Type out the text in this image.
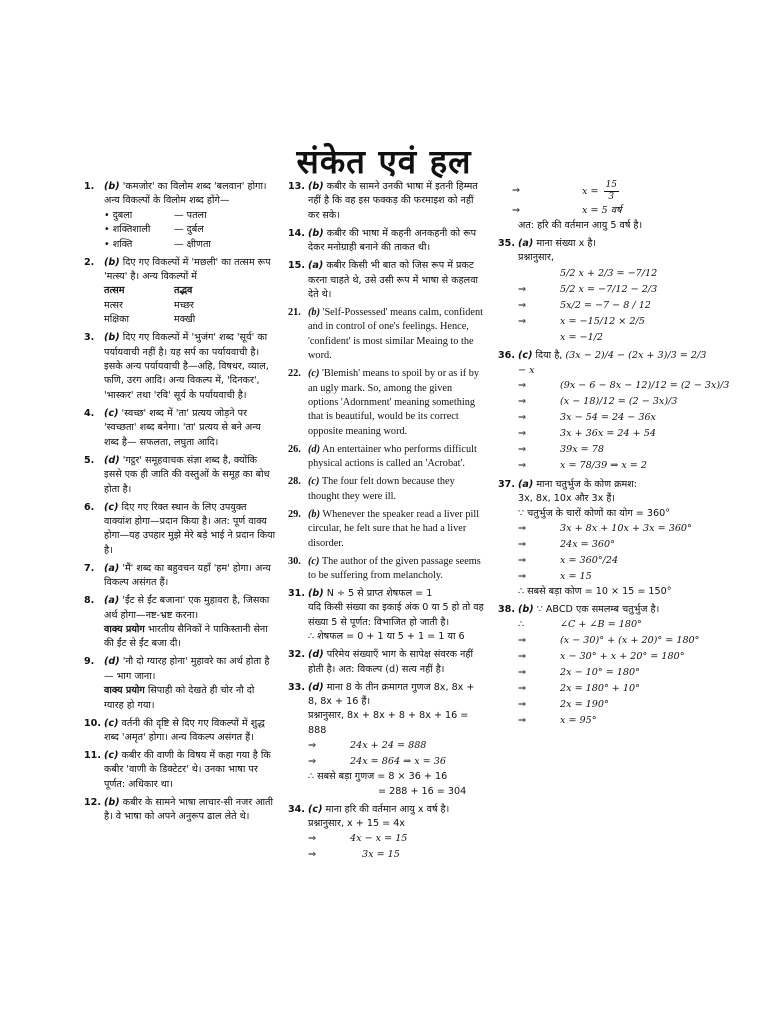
संकेत एवं हल
1. (b) 'कमजोर' का विलोम शब्द 'बलवान' होगा। अन्य विकल्पों के विलोम शब्द होंगे—
• दुबला	— पतला
• शक्तिशाली	— दुर्बल
• शक्ति	— क्षीणता
2. (b) दिए गए विकल्पों में 'मछली' का तत्सम रूप 'मत्स्य' है। अन्य विकल्पों में
तत्सम	तद्भव
मत्सर	मच्छर
मक्षिका	मक्खी
3. (b) दिए गए विकल्पों में 'भुजंग' शब्द 'सूर्य' का पर्यायवाची नहीं है। यह सर्प का पर्यायवाची है। इसके अन्य पर्यायवाची है—अहि, विषधर, व्याल, फणि, उरग आदि। अन्य विकल्प में, 'दिनकर', 'भास्कर' तथा 'रवि' सूर्य के पर्यायवाची है।
4. (c) 'स्वच्छ' शब्द में 'ता' प्रत्यय जोड़ने पर 'स्वच्छता' शब्द बनेगा। 'ता' प्रत्यय से बने अन्य शब्द है— सफलता, लघुता आदि।
5. (d) 'गट्ठर' समूहवाचक संज्ञा शब्द है, क्योंकि इससे एक ही जाति की वस्तुओं के समूह का बोध होता है।
6. (c) दिए गए रिक्त स्थान के लिए उपयुक्त वाक्यांश होगा—प्रदान किया है। अत: पूर्ण वाक्य होगा—यह उपहार मुझे मेरे बड़े भाई ने प्रदान किया है।
7. (a) 'मैं' शब्द का बहुवचन यहाँ 'हम' होगा। अन्य विकल्प असंगत हैं।
8. (a) 'ईंट से ईंट बजाना' एक मुहावरा है, जिसका अर्थ होगा—नष्ट-भ्रष्ट करना।
वाक्य प्रयोग भारतीय सैनिकों ने पाकिस्तानी सेना की ईंट से ईंट बजा दी।
9. (d) 'नौ दो ग्यारह होना' मुहावरे का अर्थ होता है— भाग जाना।
वाक्य प्रयोग सिपाही को देखते ही चोर नौ दो ग्यारह हो गया।
10. (c) वर्तनी की दृष्टि से दिए गए विकल्पों में शुद्ध शब्द 'अमृत' होगा। अन्य विकल्प असंगत हैं।
11. (c) कबीर की वाणी के विषय में कहा गया है कि कबीर 'वाणी के डिक्टेटर' थे। उनका भाषा पर पूर्णत: अधिकार था।
12. (b) कबीर के सामने भाषा लाचार-सी नजर आती है। वे भाषा को अपने अनुरूप ढाल लेते थे।
13. (b) कबीर के सामने उनकी भाषा में इतनी हिम्मत नहीं है कि वह इस फक्कड़ की फरमाइश को नहीं कर सके।
14. (b) कबीर की भाषा में कहनी अनकहनी को रूप देकर मनोग्राही बनाने की ताकत थी।
15. (a) कबीर किसी भी बात को जिस रूप में प्रकट करना चाहते थे, उसे उसी रूप में भाषा से कहलवा देते थे।
21. (b) 'Self-Possessed' means calm, confident and in control of one's feelings. Hence, 'confident' is most similar Meaing to the word.
22. (c) 'Blemish' means to spoil by or as if by an ugly mark. So, among the given options 'Adornment' meaning something that is beautiful, would be its correct opposite meaning word.
26. (d) An entertainer who performs difficult physical actions is called an 'Acrobat'.
28. (c) The four felt down because they thought they were ill.
29. (b) Whenever the speaker read a liver pill circular, he felt sure that he had a liver disorder.
30. (c) The author of the given passage seems to be suffering from melancholy.
31. (b) N ÷ 5 से प्राप्त शेषफल = 1
यदि किसी संख्या का इकाई अंक 0 या 5 हो तो वह संख्या 5 से पूर्णत: विभाजित हो जाती है।
∴ शेषफल = 0 + 1 या 5 + 1 = 1 या 6
32. (d) परिमेय संख्याएँ भाग के सापेक्ष संवरक नहीं होती है। अत: विकल्प (d) सत्य नहीं है।
33. (d) माना 8 के तीन क्रमागत गुणज 8x, 8x + 8, 8x + 16 हैं।
प्रश्नानुसार, 8x + 8x + 8 + 8x + 16 = 888
⇒	24x + 24 = 888
⇒	24x = 864 ⇒ x = 36
∴ सबसे बड़ा गुणज = 8 × 36 + 16
= 288 + 16 = 304
34. (c) माना हरि की वर्तमान आयु x वर्ष है।
प्रश्नानुसार, x + 15 = 4x
⇒	4x − x = 15
⇒	3x = 15
⇒	$x = \frac{15}{3}$
⇒	x = 5 वर्ष
अत: हरि की वर्तमान आयु 5 वर्ष है।
35. (a) माना संख्या x है।
प्रश्नानुसार,
5/2 x + 2/3 = −7/12
⇒	5/2 x = −7/12 − 2/3
⇒	5x/2 = −7 − 8 / 12
⇒	x = −15/12 × 2/5
x = −1/2
36. (c) दिया है, (3x − 2)/4 − (2x + 3)/3 = 2/3 − x
⇒	(9x − 6 − 8x − 12)/12 = (2 − 3x)/3
⇒	(x − 18)/12 = (2 − 3x)/3
⇒	3x − 54 = 24 − 36x
⇒	3x + 36x = 24 + 54
⇒	39x = 78
⇒	x = 78/39 ⇒ x = 2
37. (a) माना चतुर्भुज के कोण क्रमश:
3x, 8x, 10x और 3x हैं।
∵ चतुर्भुज के चारों कोणों का योग = 360°
⇒	3x + 8x + 10x + 3x = 360°
⇒	24x = 360°
⇒	x = 360°/24
⇒	x = 15
∴ सबसे बड़ा कोण = 10 × 15 = 150°
38. (b) ∵ ABCD एक समलम्ब चतुर्भुज है।
∴	∠C + ∠B = 180°
⇒	(x − 30)° + (x + 20)° = 180°
⇒	x − 30° + x + 20° = 180°
⇒	2x − 10° = 180°
⇒	2x = 180° + 10°
⇒	2x = 190°
⇒	x = 95°
